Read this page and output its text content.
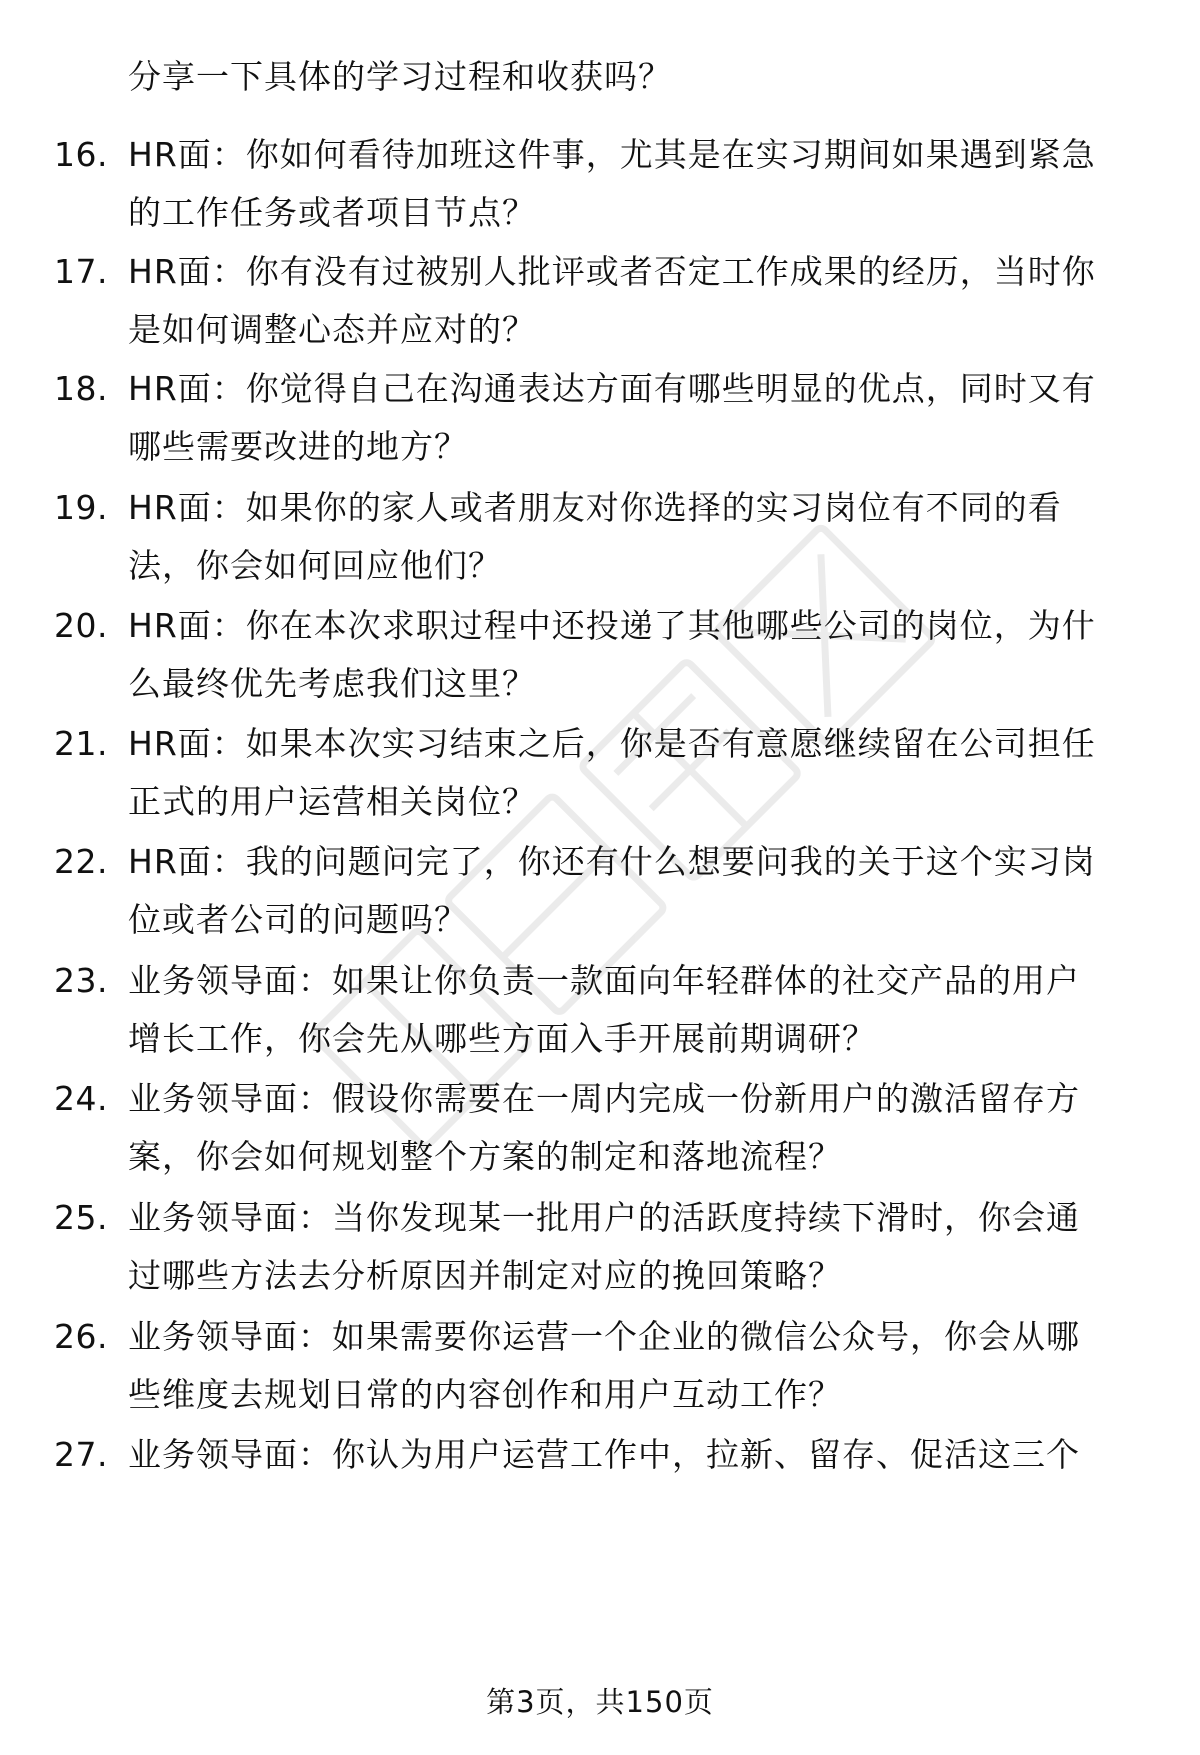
分享一下具体的学习过程和收获吗？
16. HR面：你如何看待加班这件事，尤其是在实习期间如果遇到紧急
的工作任务或者项目节点？
17. HR面：你有没有过被别人批评或者否定工作成果的经历，当时你
是如何调整心态并应对的？
18. HR面：你觉得自己在沟通表达方面有哪些明显的优点，同时又有
哪些需要改进的地方？
19. HR面：如果你的家人或者朋友对你选择的实习岗位有不同的看
法，你会如何回应他们？
20. HR面：你在本次求职过程中还投递了其他哪些公司的岗位，为什
么最终优先考虑我们这里？
21. HR面：如果本次实习结束之后，你是否有意愿继续留在公司担任
正式的用户运营相关岗位？
22. HR面：我的问题问完了，你还有什么想要问我的关于这个实习岗
位或者公司的问题吗？
23. 业务领导面：如果让你负责一款面向年轻群体的社交产品的用户
增长工作，你会先从哪些方面入手开展前期调研？
24. 业务领导面：假设你需要在一周内完成一份新用户的激活留存方
案，你会如何规划整个方案的制定和落地流程？
25. 业务领导面：当你发现某一批用户的活跃度持续下滑时，你会通
过哪些方法去分析原因并制定对应的挽回策略？
26. 业务领导面：如果需要你运营一个企业的微信公众号，你会从哪
些维度去规划日常的内容创作和用户互动工作？
27. 业务领导面：你认为用户运营工作中，拉新、留存、促活这三个
第3页，共150页
